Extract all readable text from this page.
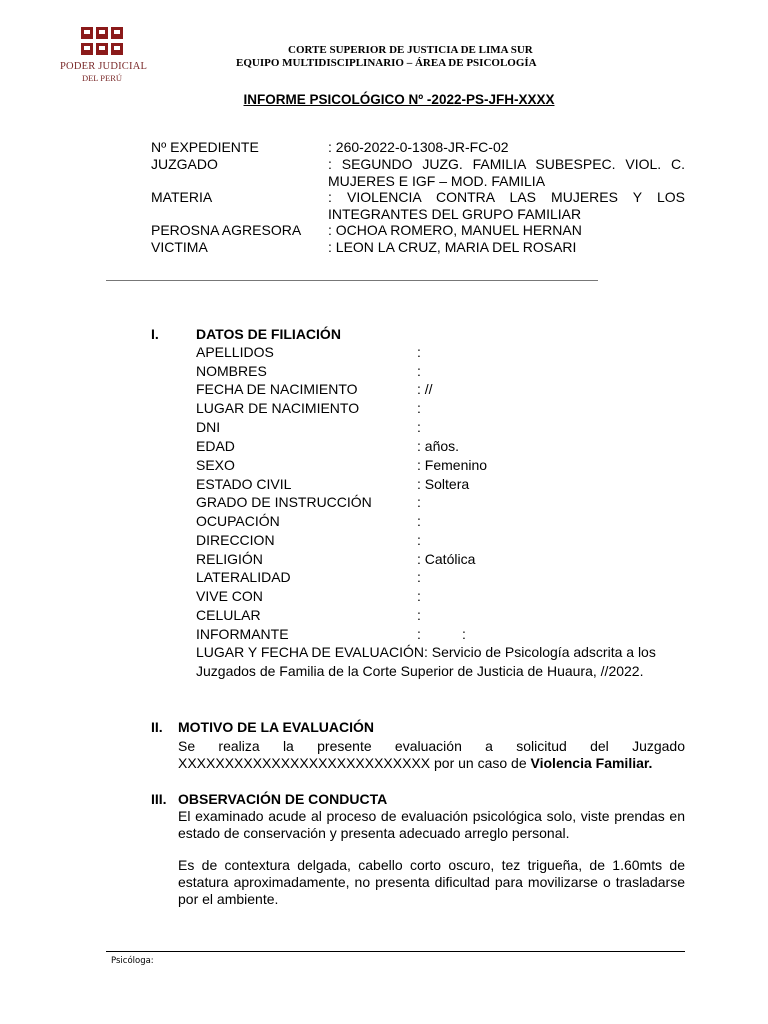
PODER JUDICIAL
DEL PERÚ
CORTE SUPERIOR DE JUSTICIA DE LIMA SUR
EQUIPO MULTIDISCIPLINARIO – ÁREA DE PSICOLOGÍA
INFORME PSICOLÓGICO Nº -2022-PS-JFH-XXXX
Nº EXPEDIENTE	: 260-2022-0-1308-JR-FC-02
JUZGADO	: SEGUNDO JUZG. FAMILIA SUBESPEC. VIOL. C. MUJERES E IGF – MOD. FAMILIA
MATERIA	: VIOLENCIA CONTRA LAS MUJERES Y LOS INTEGRANTES DEL GRUPO FAMILIAR
PEROSNA AGRESORA : OCHOA ROMERO, MANUEL HERNAN
VICTIMA	: LEON LA CRUZ, MARIA DEL ROSARI
I.	DATOS DE FILIACIÓN
APELLIDOS	:
NOMBRES	:
FECHA DE NACIMIENTO	: //
LUGAR DE NACIMIENTO	:
DNI	:
EDAD	: años.
SEXO	: Femenino
ESTADO CIVIL	: Soltera
GRADO DE INSTRUCCIÓN	:
OCUPACIÓN	:
DIRECCION	:
RELIGIÓN	: Católica
LATERALIDAD	:
VIVE CON	:
CELULAR	:
INFORMANTE	:	:
LUGAR Y FECHA DE EVALUACIÓN: Servicio de Psicología adscrita a los
Juzgados de Familia de la Corte Superior de Justicia de Huaura, //2022.
II. MOTIVO DE LA EVALUACIÓN
Se realiza la presente evaluación a solicitud del Juzgado
XXXXXXXXXXXXXXXXXXXXXXXXXXX por un caso de Violencia Familiar.
III. OBSERVACIÓN DE CONDUCTA
El examinado acude al proceso de evaluación psicológica solo, viste prendas en estado de conservación y presenta adecuado arreglo personal.
Es de contextura delgada, cabello corto oscuro, tez trigueña, de 1.60mts de estatura aproximadamente, no presenta dificultad para movilizarse o trasladarse por el ambiente.
Psicóloga:
